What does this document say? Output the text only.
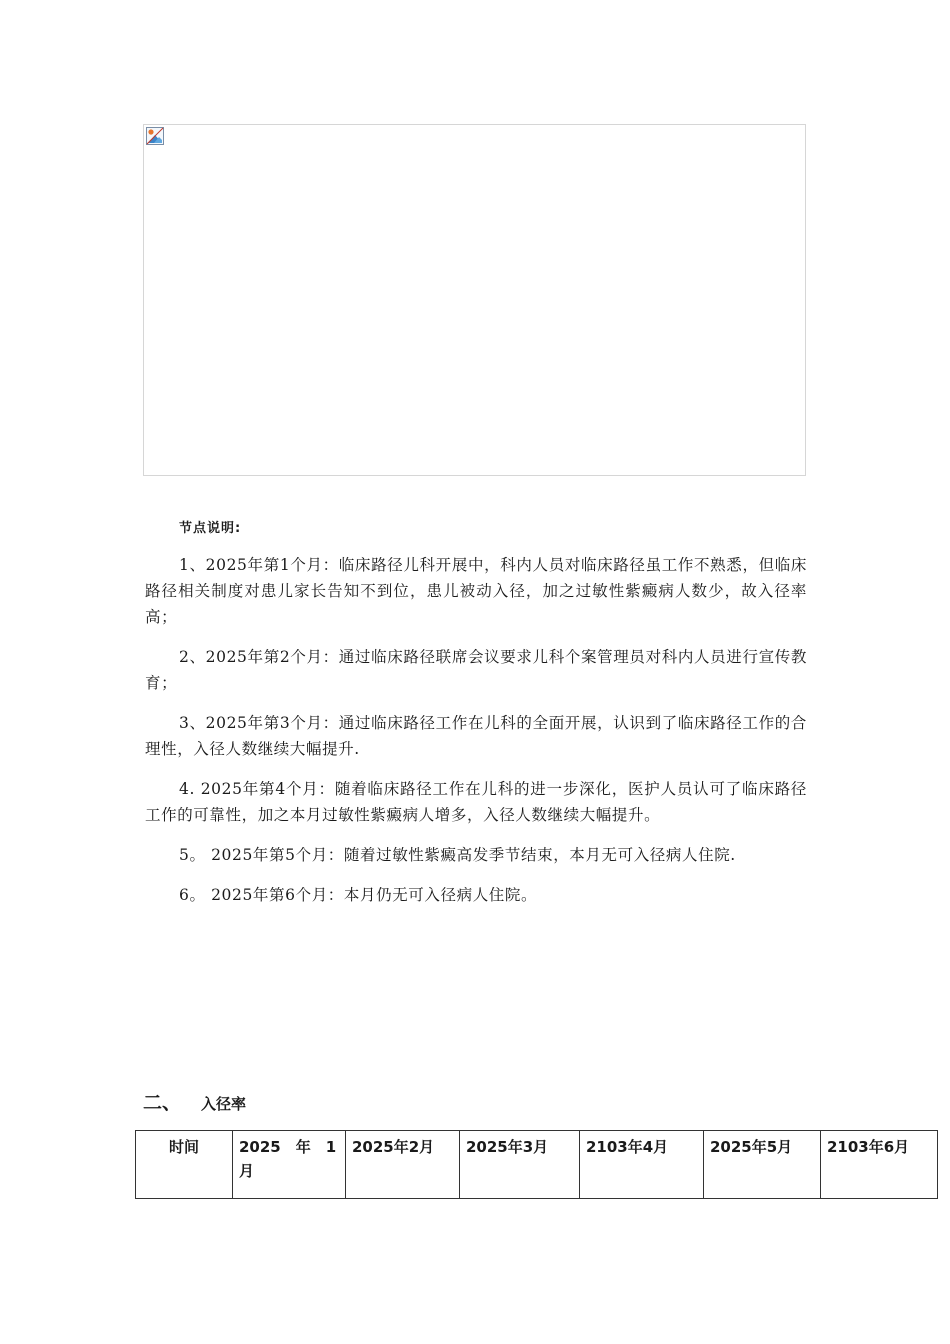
节点说明:

1、2025年第1个月：临床路径儿科开展中，科内人员对临床路径虽工作不熟悉，但临床路径相关制度对患儿家长告知不到位，患儿被动入径，加之过敏性紫癜病人数少，故入径率高；

2、2025年第2个月：通过临床路径联席会议要求儿科个案管理员对科内人员进行宣传教育；

3、2025年第3个月：通过临床路径工作在儿科的全面开展，认识到了临床路径工作的合理性，入径人数继续大幅提升.

4. 2025年第4个月：随着临床路径工作在儿科的进一步深化，医护人员认可了临床路径工作的可靠性，加之本月过敏性紫癜病人增多，入径人数继续大幅提升。

5。 2025年第5个月：随着过敏性紫癜高发季节结束，本月无可入径病人住院.

6。 2025年第6个月：本月仍无可入径病人住院。

二、	入径率
时间	2025　年　1月	2025年2月	2025年3月	2103年4月	2025年5月	2103年6月
